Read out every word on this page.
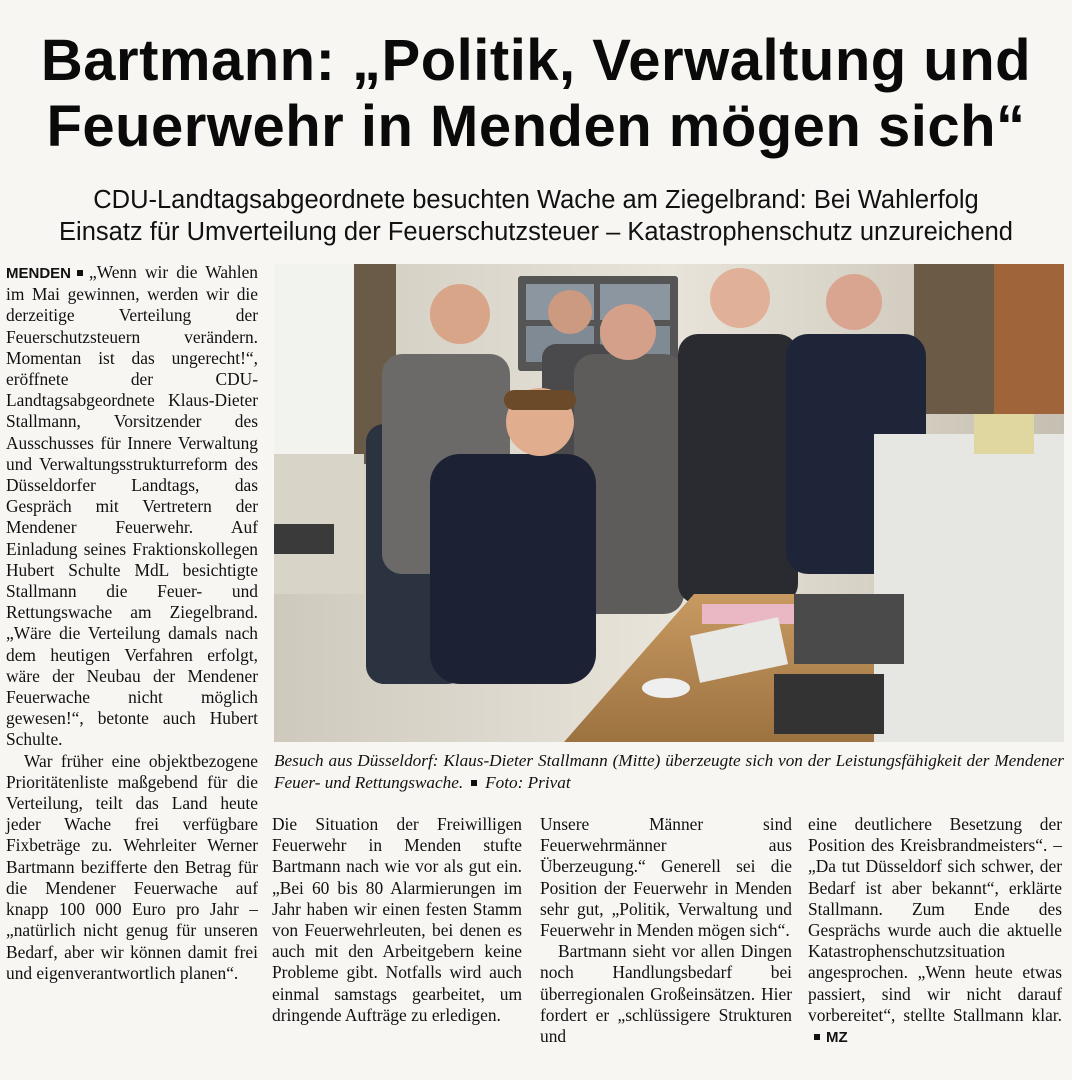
Bartmann: „Politik, Verwaltung und
Feuerwehr in Menden mögen sich“
CDU-Landtagsabgeordnete besuchten Wache am Ziegelbrand: Bei Wahlerfolg
Einsatz für Umverteilung der Feuerschutzsteuer – Katastrophenschutz unzureichend

MENDEN „Wenn wir die Wahlen im Mai gewinnen, werden wir die derzeitige Verteilung der Feuerschutzsteuern verändern. Momentan ist das ungerecht!“, eröffnete der CDU-Landtagsabgeordnete Klaus-Dieter Stallmann, Vorsitzender des Ausschusses für Innere Verwaltung und Verwaltungsstrukturreform des Düsseldorfer Landtags, das Gespräch mit Vertretern der Mendener Feuerwehr. Auf Einladung seines Fraktionskollegen Hubert Schulte MdL besichtigte Stallmann die Feuer- und Rettungswache am Ziegelbrand. „Wäre die Verteilung damals nach dem heutigen Verfahren erfolgt, wäre der Neubau der Mendener Feuerwache nicht möglich gewesen!“, betonte auch Hubert Schulte.

War früher eine objektbezogene Prioritätenliste maßgebend für die Verteilung, teilt das Land heute jeder Wache frei verfügbare Fixbeträge zu. Wehrleiter Werner Bartmann bezifferte den Betrag für die Mendener Feuerwache auf knapp 100 000 Euro pro Jahr – „natürlich nicht genug für unseren Bedarf, aber wir können damit frei und eigenverantwortlich planen“.

Besuch aus Düsseldorf: Klaus-Dieter Stallmann (Mitte) überzeugte sich von der Leistungsfähigkeit der Mendener Feuer- und Rettungswache. Foto: Privat

Die Situation der Freiwilligen Feuerwehr in Menden stufte Bartmann nach wie vor als gut ein. „Bei 60 bis 80 Alarmierungen im Jahr haben wir einen festen Stamm von Feuerwehrleuten, bei denen es auch mit den Arbeitgebern keine Probleme gibt. Notfalls wird auch einmal samstags gearbeitet, um dringende Aufträge zu erledigen.

Unsere Männer sind Feuerwehrmänner aus Überzeugung.“ Generell sei die Position der Feuerwehr in Menden sehr gut, „Politik, Verwaltung und Feuerwehr in Menden mögen sich“.

Bartmann sieht vor allen Dingen noch Handlungsbedarf bei überregionalen Großeinsätzen. Hier fordert er „schlüssigere Strukturen und

eine deutlichere Besetzung der Position des Kreisbrandmeisters“. – „Da tut Düsseldorf sich schwer, der Bedarf ist aber bekannt“, erklärte Stallmann. Zum Ende des Gesprächs wurde auch die aktuelle Katastrophenschutzsituation angesprochen. „Wenn heute etwas passiert, sind wir nicht darauf vorbereitet“, stellte Stallmann klar.MZ
